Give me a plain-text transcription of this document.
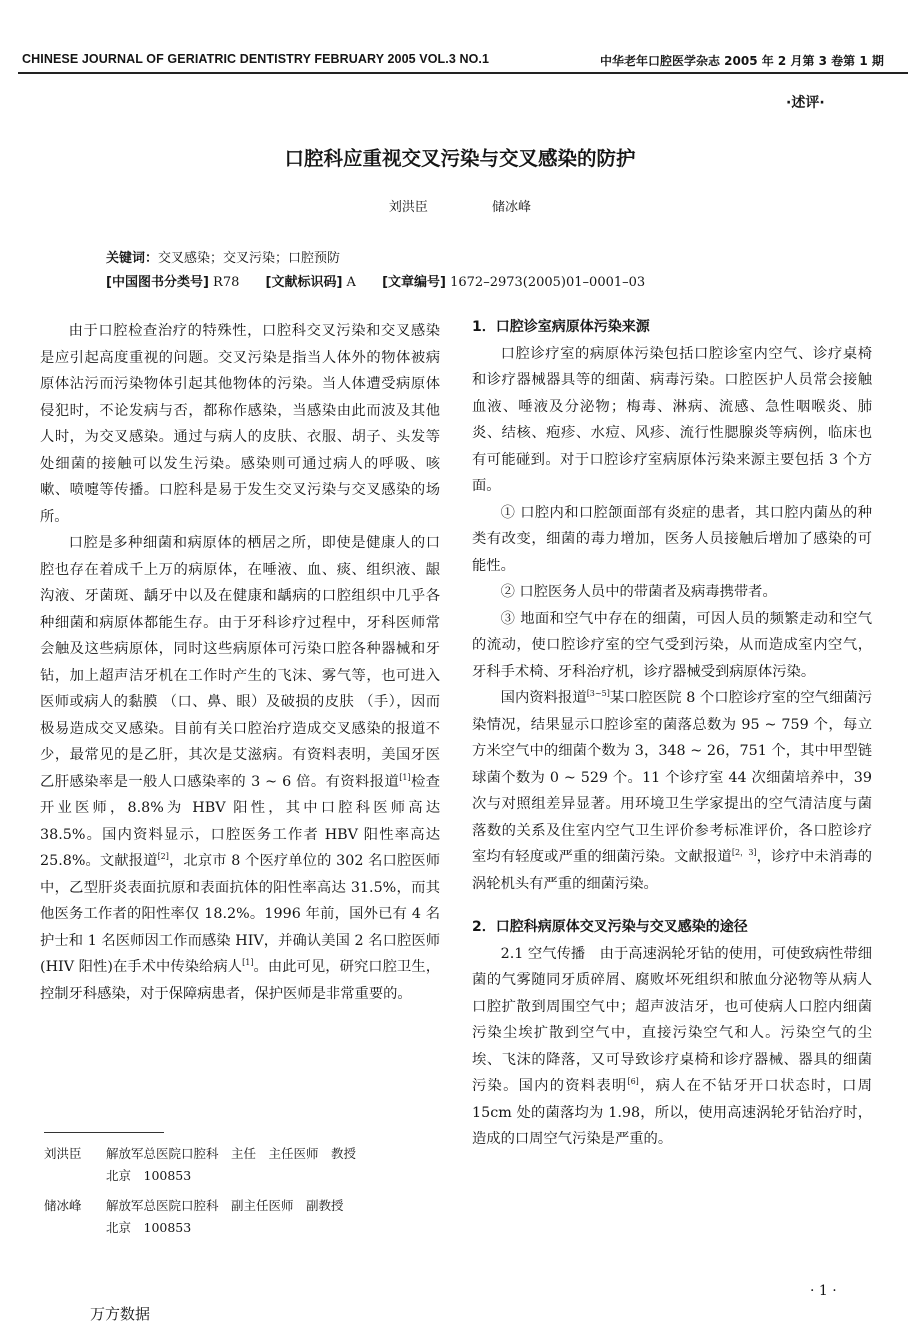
CHINESE JOURNAL OF GERIATRIC DENTISTRY FEBRUARY 2005 VOL.3 NO.1	中华老年口腔医学杂志 2005 年 2 月第 3 卷第 1 期
·述评·
口腔科应重视交叉污染与交叉感染的防护
刘洪臣 储冰峰
关键词：交叉感染；交叉污染；口腔预防
[中国图书分类号] R78 [文献标识码] A [文章编号] 1672–2973(2005)01–0001–03

由于口腔检查治疗的特殊性，口腔科交叉污染和交叉感染是应引起高度重视的问题。交叉污染是指当人体外的物体被病原体沾污而污染物体引起其他物体的污染。当人体遭受病原体侵犯时，不论发病与否，都称作感染，当感染由此而波及其他人时，为交叉感染。通过与病人的皮肤、衣服、胡子、头发等处细菌的接触可以发生污染。感染则可通过病人的呼吸、咳嗽、喷嚏等传播。口腔科是易于发生交叉污染与交叉感染的场所。

口腔是多种细菌和病原体的栖居之所，即使是健康人的口腔也存在着成千上万的病原体，在唾液、血、痰、组织液、龈沟液、牙菌斑、龋牙中以及在健康和龋病的口腔组织中几乎各种细菌和病原体都能生存。由于牙科诊疗过程中，牙科医师常会触及这些病原体，同时这些病原体可污染口腔各种器械和牙钻，加上超声洁牙机在工作时产生的飞沫、雾气等，也可进入医师或病人的黏膜 （口、鼻、眼）及破损的皮肤 （手），因而极易造成交叉感染。目前有关口腔治疗造成交叉感染的报道不少，最常见的是乙肝，其次是艾滋病。有资料表明，美国牙医乙肝感染率是一般人口感染率的 3 ~ 6 倍。有资料报道[1]检查开业医师，8.8%为 HBV 阳性，其中口腔科医师高达 38.5%。国内资料显示，口腔医务工作者 HBV 阳性率高达 25.8%。文献报道[2]，北京市 8 个医疗单位的 302 名口腔医师中，乙型肝炎表面抗原和表面抗体的阳性率高达 31.5%，而其他医务工作者的阳性率仅 18.2%。1996 年前，国外已有 4 名护士和 1 名医师因工作而感染 HIV，并确认美国 2 名口腔医师(HIV 阳性)在手术中传染给病人[1]。由此可见，研究口腔卫生，控制牙科感染，对于保障病患者，保护医师是非常重要的。

刘洪臣 解放军总医院口腔科　主任　主任医师　教授
北京　100853
储冰峰 解放军总医院口腔科　副主任医师　副教授
北京　100853

1．口腔诊室病原体污染来源

口腔诊疗室的病原体污染包括口腔诊室内空气、诊疗桌椅和诊疗器械器具等的细菌、病毒污染。口腔医护人员常会接触血液、唾液及分泌物；梅毒、淋病、流感、急性咽喉炎、肺炎、结核、疱疹、水痘、风疹、流行性腮腺炎等病例，临床也有可能碰到。对于口腔诊疗室病原体污染来源主要包括 3 个方面。

① 口腔内和口腔颌面部有炎症的患者，其口腔内菌丛的种类有改变，细菌的毒力增加，医务人员接触后增加了感染的可能性。

② 口腔医务人员中的带菌者及病毒携带者。

③ 地面和空气中存在的细菌，可因人员的频繁走动和空气的流动，使口腔诊疗室的空气受到污染，从而造成室内空气，牙科手术椅、牙科治疗机，诊疗器械受到病原体污染。

国内资料报道[3~5]某口腔医院 8 个口腔诊疗室的空气细菌污染情况，结果显示口腔诊室的菌落总数为 95 ~ 759 个，每立方米空气中的细菌个数为 3，348 ~ 26，751 个，其中甲型链球菌个数为 0 ~ 529 个。11 个诊疗室 44 次细菌培养中，39 次与对照组差异显著。用环境卫生学家提出的空气清洁度与菌落数的关系及住室内空气卫生评价参考标准评价，各口腔诊疗室均有轻度或严重的细菌污染。文献报道[2，3]，诊疗中未消毒的涡轮机头有严重的细菌污染。

2．口腔科病原体交叉污染与交叉感染的途径

2.1 空气传播　由于高速涡轮牙钻的使用，可使致病性带细菌的气雾随同牙质碎屑、腐败坏死组织和脓血分泌物等从病人口腔扩散到周围空气中；超声波洁牙，也可使病人口腔内细菌污染尘埃扩散到空气中，直接污染空气和人。污染空气的尘埃、飞沫的降落，又可导致诊疗桌椅和诊疗器械、器具的细菌污染。国内的资料表明[6]，病人在不钻牙开口状态时，口周 15cm 处的菌落均为 1.98，所以，使用高速涡轮牙钻治疗时，造成的口周空气污染是严重的。

· 1 ·
万方数据
